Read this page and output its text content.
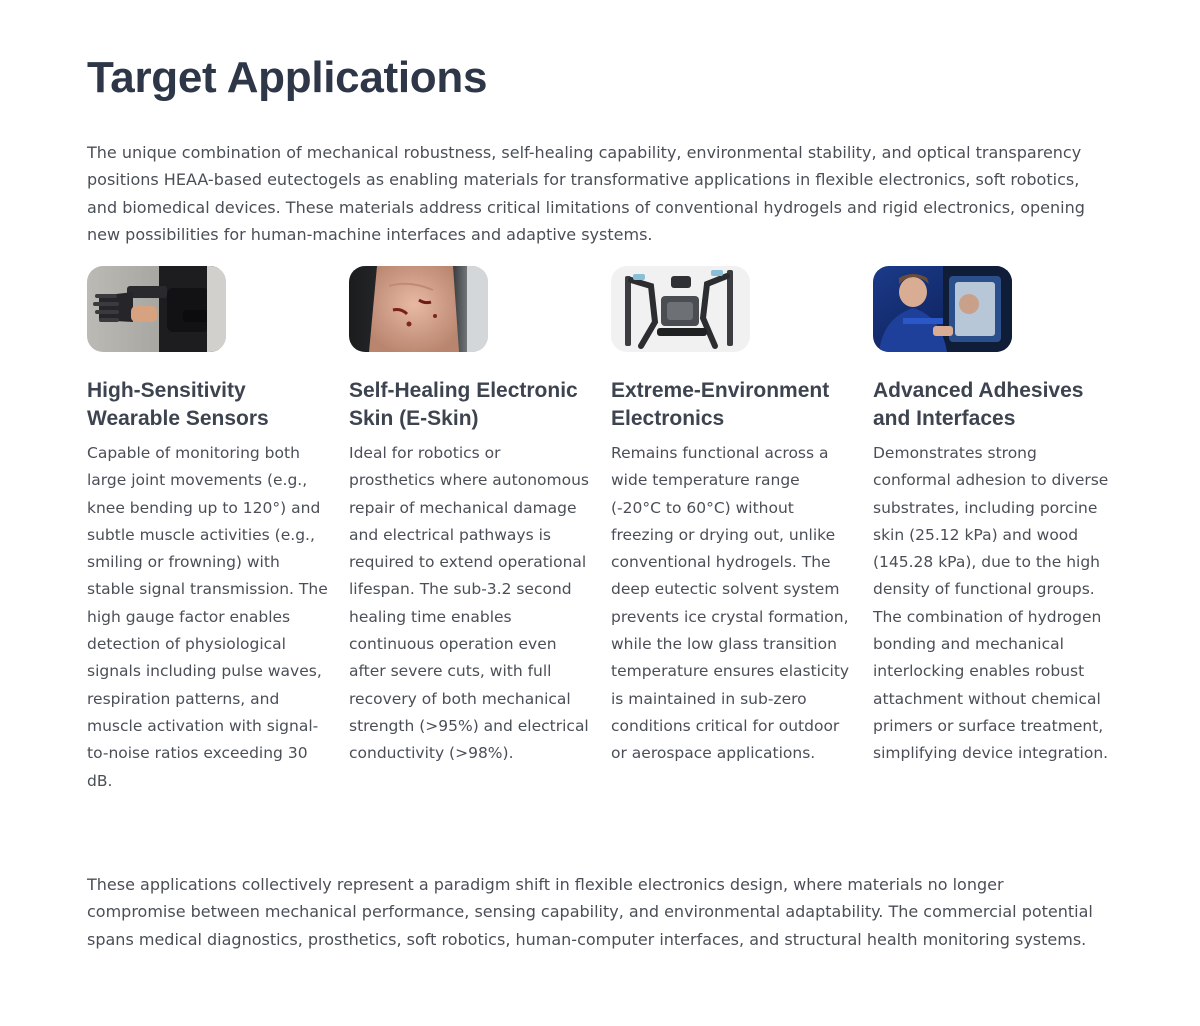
Target Applications

The unique combination of mechanical robustness, self-healing capability, environmental stability, and optical transparency positions HEAA-based eutectogels as enabling materials for transformative applications in flexible electronics, soft robotics, and biomedical devices. These materials address critical limitations of conventional hydrogels and rigid electronics, opening new possibilities for human-machine interfaces and adaptive systems.

High-Sensitivity Wearable Sensors

Capable of monitoring both large joint movements (e.g., knee bending up to 120°) and subtle muscle activities (e.g., smiling or frowning) with stable signal transmission. The high gauge factor enables detection of physiological signals including pulse waves, respiration patterns, and muscle activation with signal-to-noise ratios exceeding 30 dB.

Self-Healing Electronic Skin (E-Skin)

Ideal for robotics or prosthetics where autonomous repair of mechanical damage and electrical pathways is required to extend operational lifespan. The sub-3.2 second healing time enables continuous operation even after severe cuts, with full recovery of both mechanical strength (>95%) and electrical conductivity (>98%).

Extreme-Environment Electronics

Remains functional across a wide temperature range (-20°C to 60°C) without freezing or drying out, unlike conventional hydrogels. The deep eutectic solvent system prevents ice crystal formation, while the low glass transition temperature ensures elasticity is maintained in sub-zero conditions critical for outdoor or aerospace applications.

Advanced Adhesives and Interfaces

Demonstrates strong conformal adhesion to diverse substrates, including porcine skin (25.12 kPa) and wood (145.28 kPa), due to the high density of functional groups. The combination of hydrogen bonding and mechanical interlocking enables robust attachment without chemical primers or surface treatment, simplifying device integration.

These applications collectively represent a paradigm shift in flexible electronics design, where materials no longer compromise between mechanical performance, sensing capability, and environmental adaptability. The commercial potential spans medical diagnostics, prosthetics, soft robotics, human-computer interfaces, and structural health monitoring systems.
